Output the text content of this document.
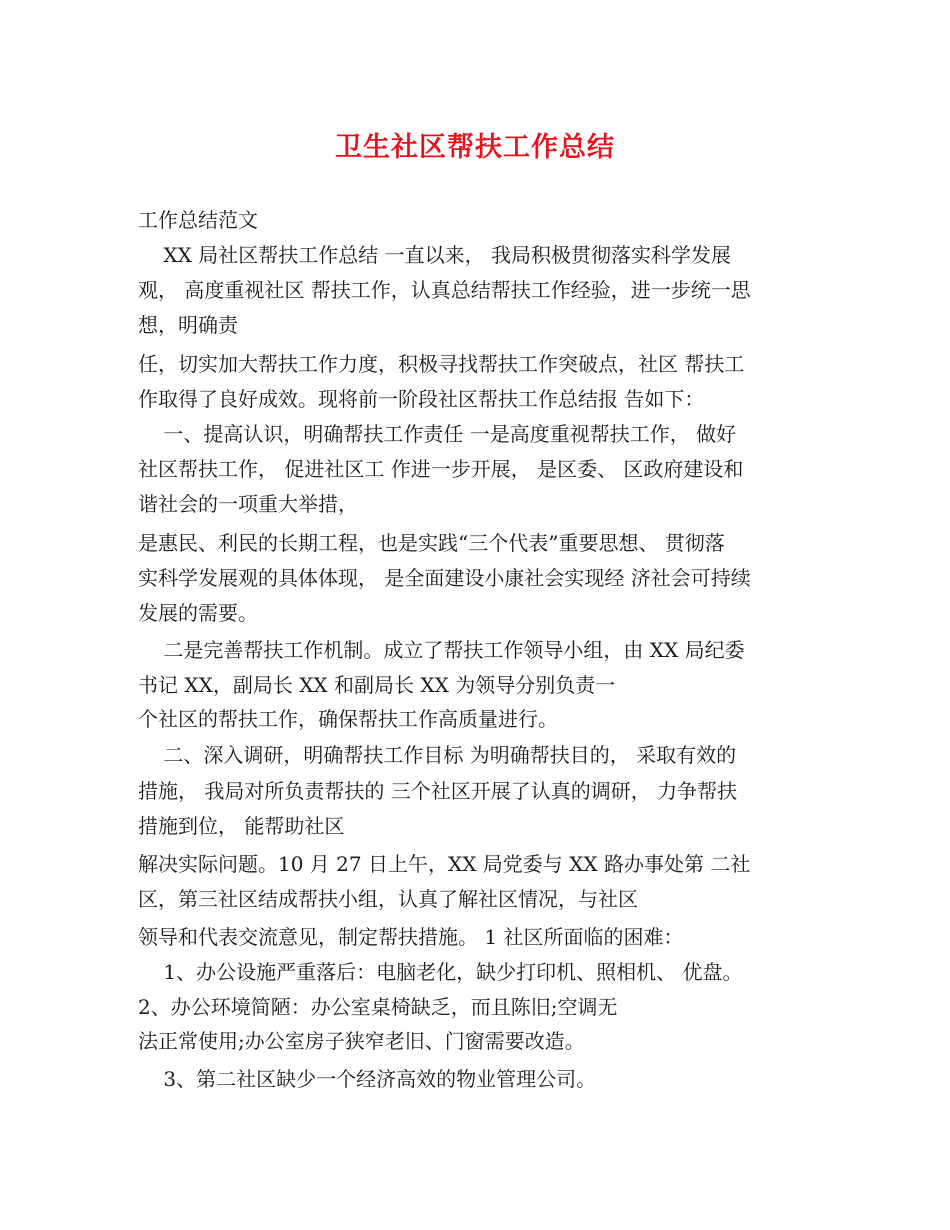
卫生社区帮扶工作总结
工作总结范文
XX 局社区帮扶工作总结 一直以来， 我局积极贯彻落实科学发展
观， 高度重视社区 帮扶工作，认真总结帮扶工作经验，进一步统一思
想，明确责
任，切实加大帮扶工作力度，积极寻找帮扶工作突破点，社区 帮扶工
作取得了良好成效。现将前一阶段社区帮扶工作总结报 告如下：
一、提高认识，明确帮扶工作责任 一是高度重视帮扶工作， 做好
社区帮扶工作， 促进社区工 作进一步开展， 是区委、 区政府建设和
谐社会的一项重大举措，
是惠民、利民的长期工程，也是实践“三个代表”重要思想、 贯彻落
实科学发展观的具体体现， 是全面建设小康社会实现经 济社会可持续
发展的需要。
二是完善帮扶工作机制。成立了帮扶工作领导小组，由 XX 局纪委
书记 XX，副局长 XX 和副局长 XX 为领导分别负责一
个社区的帮扶工作，确保帮扶工作高质量进行。
二、深入调研，明确帮扶工作目标 为明确帮扶目的， 采取有效的
措施， 我局对所负责帮扶的 三个社区开展了认真的调研， 力争帮扶
措施到位， 能帮助社区
解决实际问题。10 月 27 日上午，XX 局党委与 XX 路办事处第 二社
区，第三社区结成帮扶小组，认真了解社区情况，与社区
领导和代表交流意见，制定帮扶措施。 1 社区所面临的困难：
1、办公设施严重落后：电脑老化，缺少打印机、照相机、 优盘。
2、办公环境简陋：办公室桌椅缺乏，而且陈旧;空调无
法正常使用;办公室房子狭窄老旧、门窗需要改造。
3、第二社区缺少一个经济高效的物业管理公司。
